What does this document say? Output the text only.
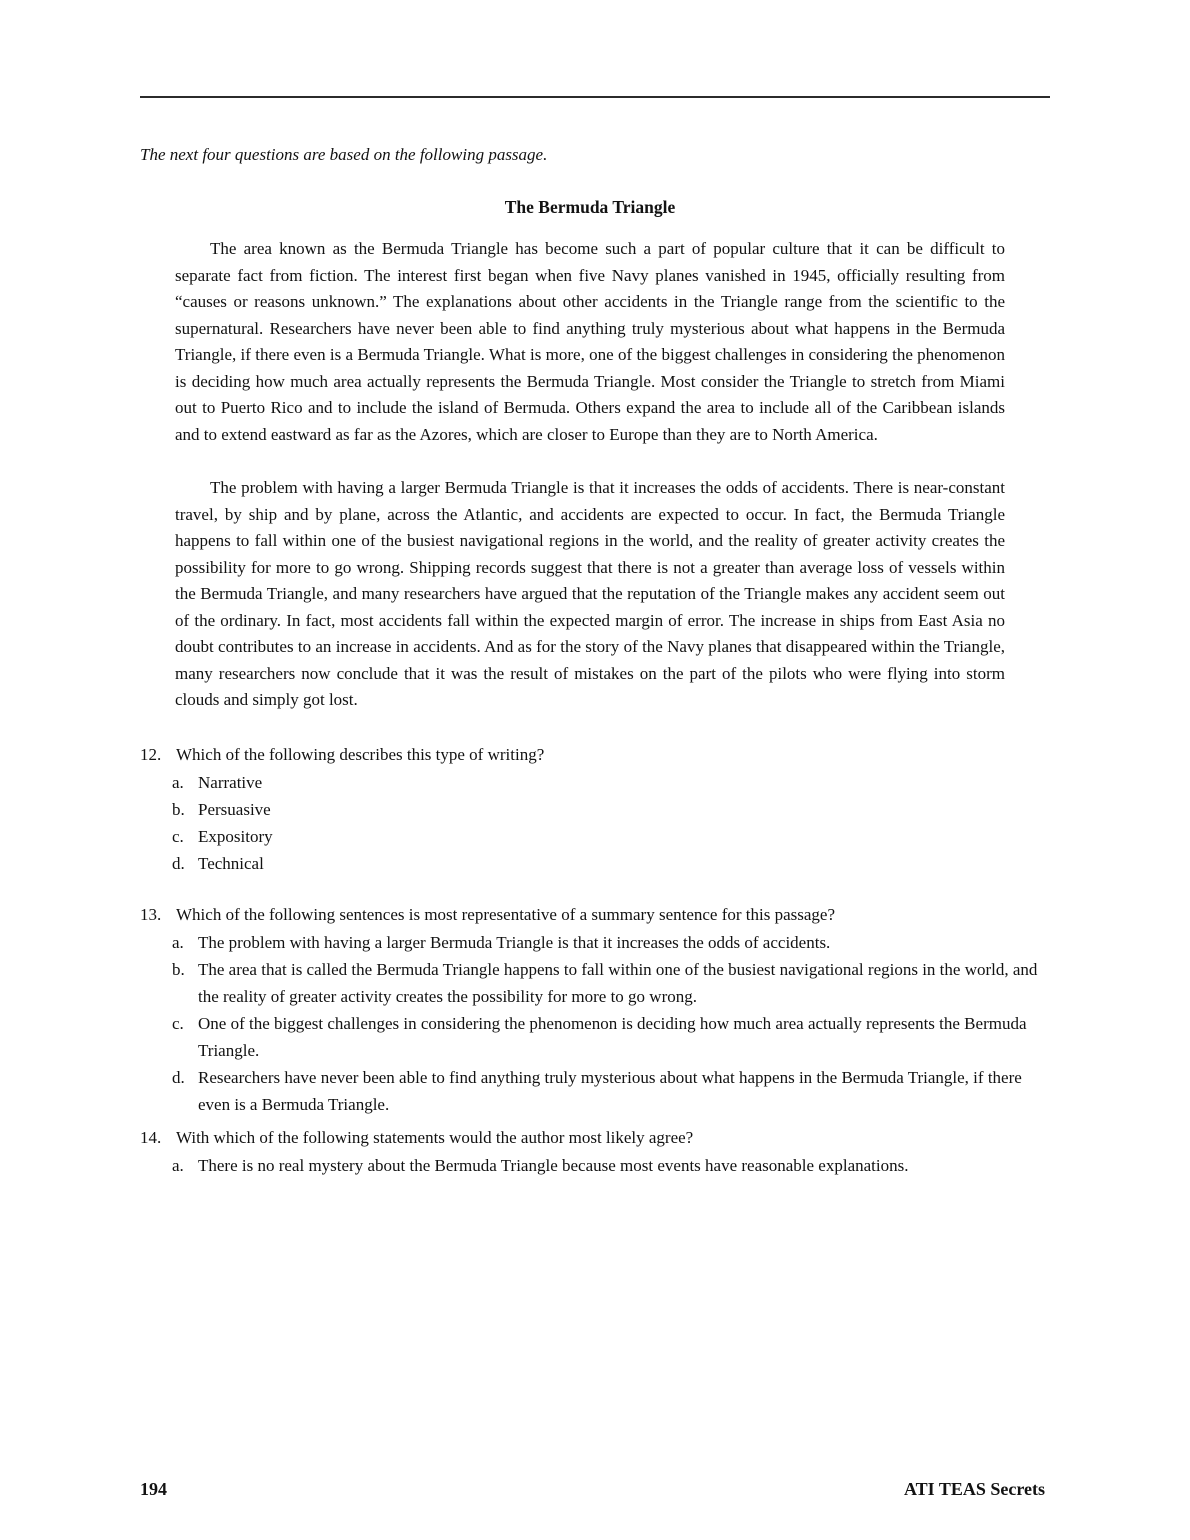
The next four questions are based on the following passage.

The Bermuda Triangle

The area known as the Bermuda Triangle has become such a part of popular culture that it can be difficult to separate fact from fiction. The interest first began when five Navy planes vanished in 1945, officially resulting from “causes or reasons unknown.” The explanations about other accidents in the Triangle range from the scientific to the supernatural. Researchers have never been able to find anything truly mysterious about what happens in the Bermuda Triangle, if there even is a Bermuda Triangle. What is more, one of the biggest challenges in considering the phenomenon is deciding how much area actually represents the Bermuda Triangle. Most consider the Triangle to stretch from Miami out to Puerto Rico and to include the island of Bermuda. Others expand the area to include all of the Caribbean islands and to extend eastward as far as the Azores, which are closer to Europe than they are to North America.

The problem with having a larger Bermuda Triangle is that it increases the odds of accidents. There is near-constant travel, by ship and by plane, across the Atlantic, and accidents are expected to occur. In fact, the Bermuda Triangle happens to fall within one of the busiest navigational regions in the world, and the reality of greater activity creates the possibility for more to go wrong. Shipping records suggest that there is not a greater than average loss of vessels within the Bermuda Triangle, and many researchers have argued that the reputation of the Triangle makes any accident seem out of the ordinary. In fact, most accidents fall within the expected margin of error. The increase in ships from East Asia no doubt contributes to an increase in accidents. And as for the story of the Navy planes that disappeared within the Triangle, many researchers now conclude that it was the result of mistakes on the part of the pilots who were flying into storm clouds and simply got lost.

12. Which of the following describes this type of writing?
a. Narrative
b. Persuasive
c. Expository
d. Technical
13. Which of the following sentences is most representative of a summary sentence for this passage?
a. The problem with having a larger Bermuda Triangle is that it increases the odds of accidents.
b. The area that is called the Bermuda Triangle happens to fall within one of the busiest navigational regions in the world, and the reality of greater activity creates the possibility for more to go wrong.
c. One of the biggest challenges in considering the phenomenon is deciding how much area actually represents the Bermuda Triangle.
d. Researchers have never been able to find anything truly mysterious about what happens in the Bermuda Triangle, if there even is a Bermuda Triangle.
14. With which of the following statements would the author most likely agree?
a. There is no real mystery about the Bermuda Triangle because most events have reasonable explanations.
194	ATI TEAS Secrets
